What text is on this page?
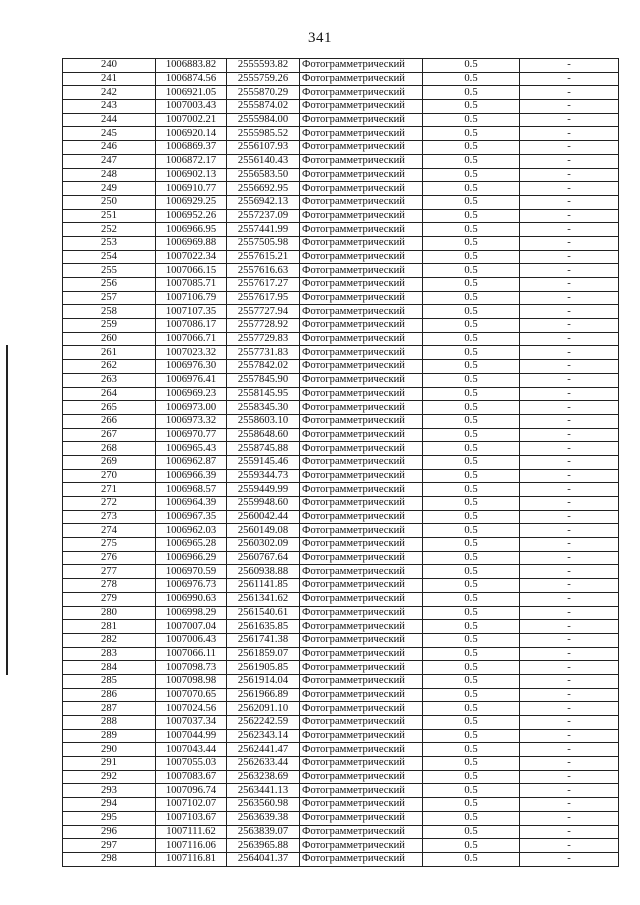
341
240	1006883.82	2555593.82	Фотограмметрический	0.5	-
241	1006874.56	2555759.26	Фотограмметрический	0.5	-
242	1006921.05	2555870.29	Фотограмметрический	0.5	-
243	1007003.43	2555874.02	Фотограмметрический	0.5	-
244	1007002.21	2555984.00	Фотограмметрический	0.5	-
245	1006920.14	2555985.52	Фотограмметрический	0.5	-
246	1006869.37	2556107.93	Фотограмметрический	0.5	-
247	1006872.17	2556140.43	Фотограмметрический	0.5	-
248	1006902.13	2556583.50	Фотограмметрический	0.5	-
249	1006910.77	2556692.95	Фотограмметрический	0.5	-
250	1006929.25	2556942.13	Фотограмметрический	0.5	-
251	1006952.26	2557237.09	Фотограмметрический	0.5	-
252	1006966.95	2557441.99	Фотограмметрический	0.5	-
253	1006969.88	2557505.98	Фотограмметрический	0.5	-
254	1007022.34	2557615.21	Фотограмметрический	0.5	-
255	1007066.15	2557616.63	Фотограмметрический	0.5	-
256	1007085.71	2557617.27	Фотограмметрический	0.5	-
257	1007106.79	2557617.95	Фотограмметрический	0.5	-
258	1007107.35	2557727.94	Фотограмметрический	0.5	-
259	1007086.17	2557728.92	Фотограмметрический	0.5	-
260	1007066.71	2557729.83	Фотограмметрический	0.5	-
261	1007023.32	2557731.83	Фотограмметрический	0.5	-
262	1006976.30	2557842.02	Фотограмметрический	0.5	-
263	1006976.41	2557845.90	Фотограмметрический	0.5	-
264	1006969.23	2558145.95	Фотограмметрический	0.5	-
265	1006973.00	2558345.30	Фотограмметрический	0.5	-
266	1006973.32	2558603.10	Фотограмметрический	0.5	-
267	1006970.77	2558648.60	Фотограмметрический	0.5	-
268	1006965.43	2558745.88	Фотограмметрический	0.5	-
269	1006962.87	2559145.46	Фотограмметрический	0.5	-
270	1006966.39	2559344.73	Фотограмметрический	0.5	-
271	1006968.57	2559449.99	Фотограмметрический	0.5	-
272	1006964.39	2559948.60	Фотограмметрический	0.5	-
273	1006967.35	2560042.44	Фотограмметрический	0.5	-
274	1006962.03	2560149.08	Фотограмметрический	0.5	-
275	1006965.28	2560302.09	Фотограмметрический	0.5	-
276	1006966.29	2560767.64	Фотограмметрический	0.5	-
277	1006970.59	2560938.88	Фотограмметрический	0.5	-
278	1006976.73	2561141.85	Фотограмметрический	0.5	-
279	1006990.63	2561341.62	Фотограмметрический	0.5	-
280	1006998.29	2561540.61	Фотограмметрический	0.5	-
281	1007007.04	2561635.85	Фотограмметрический	0.5	-
282	1007006.43	2561741.38	Фотограмметрический	0.5	-
283	1007066.11	2561859.07	Фотограмметрический	0.5	-
284	1007098.73	2561905.85	Фотограмметрический	0.5	-
285	1007098.98	2561914.04	Фотограмметрический	0.5	-
286	1007070.65	2561966.89	Фотограмметрический	0.5	-
287	1007024.56	2562091.10	Фотограмметрический	0.5	-
288	1007037.34	2562242.59	Фотограмметрический	0.5	-
289	1007044.99	2562343.14	Фотограмметрический	0.5	-
290	1007043.44	2562441.47	Фотограмметрический	0.5	-
291	1007055.03	2562633.44	Фотограмметрический	0.5	-
292	1007083.67	2563238.69	Фотограмметрический	0.5	-
293	1007096.74	2563441.13	Фотограмметрический	0.5	-
294	1007102.07	2563560.98	Фотограмметрический	0.5	-
295	1007103.67	2563639.38	Фотограмметрический	0.5	-
296	1007111.62	2563839.07	Фотограмметрический	0.5	-
297	1007116.06	2563965.88	Фотограмметрический	0.5	-
298	1007116.81	2564041.37	Фотограмметрический	0.5	-
